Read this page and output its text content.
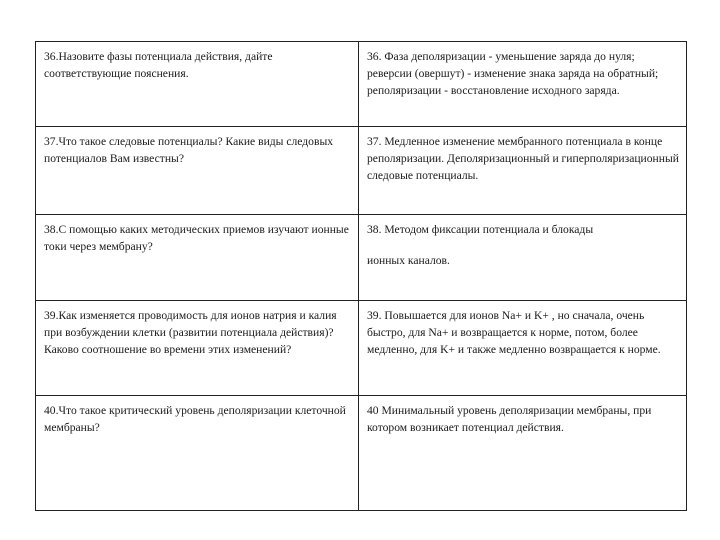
36.Назовите фазы потенциала действия, дайте соответствующие пояснения.	36. Фаза деполяризации - уменьшение заряда до нуля; реверсии (овершут) - изменение знака заряда на обратный; реполяризации - восстановление исходного заряда.
37.Что такое следовые потенциалы? Какие виды следовых потенциалов Вам известны?	37. Медленное изменение мембранного потенциала в конце реполяризации. Деполяризационный и гиперполяризационный следовые потенциалы.
38.С помощью каких методических приемов изучают ионные токи через мембрану?	38. Методом фиксации потенциала и блокады
ионных каналов.

39.Как изменяется проводимость для ионов натрия и калия при возбуждении клетки (развитии потенциала действия)? Каково соотношение во времени этих изменений?	39. Повышается для ионов Na+ и K+ , но сначала, очень быстро, для Na+ и возвращается к норме, потом, более медленно, для K+ и также медленно возвращается к норме.
40.Что такое критический уровень деполяризации клеточной мембраны?	40 Минимальный уровень деполяризации мембраны, при котором возникает потенциал действия.
